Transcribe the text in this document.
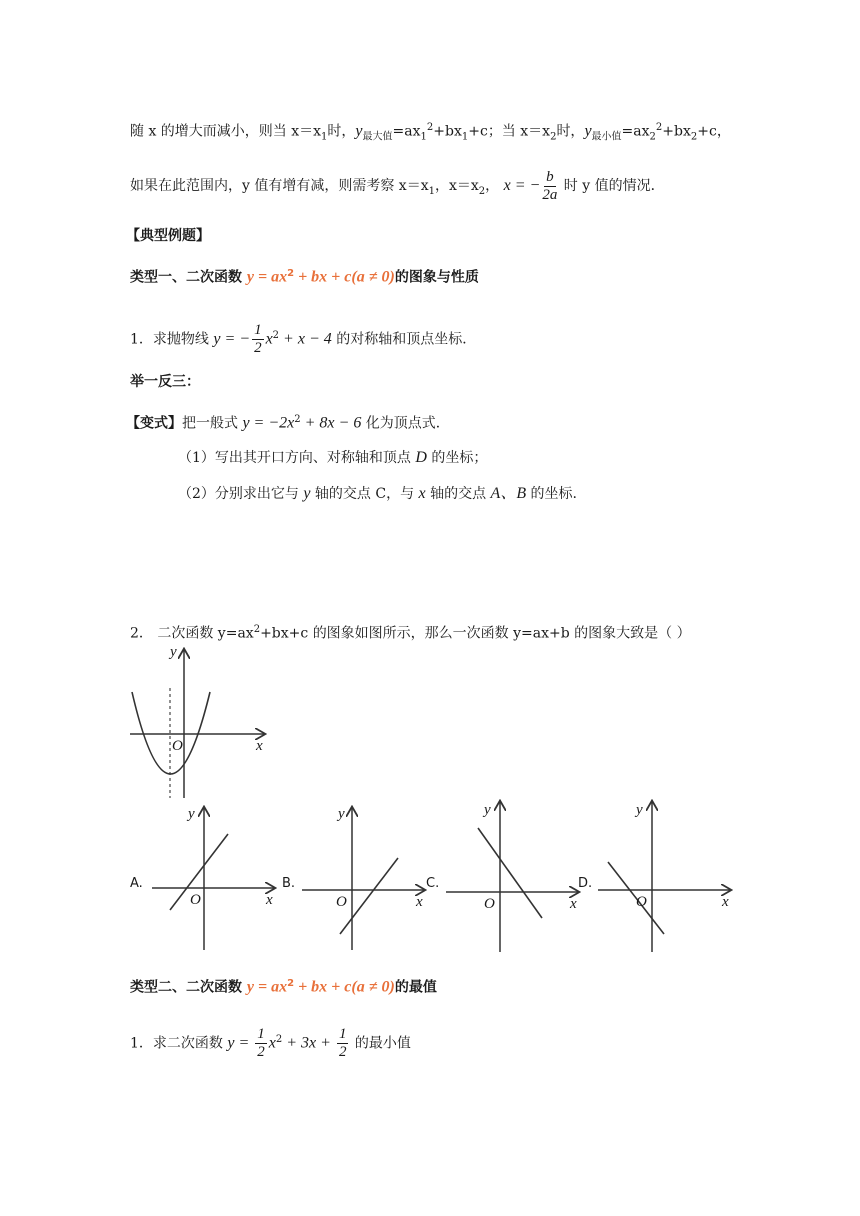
随 x 的增大而减小，则当 $x=x_1$时，$y_{最大值}=ax_1^2+bx_1+c$；当 $x=x_2$时，$y_{最小值}=ax_2^2+bx_2+c$，
如果在此范围内，y 值有增有减，则需考察 $x=x_1$，$x=x_2$， x = − $\frac{b}{2a}$ 时 y 值的情况．
【典型例题】
类型一、二次函数 $y = ax^2$ + bx + c(a ≠ 0)的图象与性质
1．求抛物线 y = − $\frac{1}{2} x^2 + x - 4$ 的对称轴和顶点坐标．
举一反三：
【变式】把一般式 $y = -2x^2 + 8x - 6$ 化为顶点式．
（1）写出其开口方向、对称轴和顶点 D 的坐标；
（2）分别求出它与 y 轴的交点 C，与 x 轴的交点 A、B 的坐标.
2． 二次函数 $y=ax^2+bx+c$ 的图象如图所示，那么一次函数 y=ax+b 的图象大致是（ ）
y
x
O
A.
y
x
O
B.
y
x
O
C.
y
x
O
D.
y
x
O
类型二、二次函数 $y = ax^2$ + bx + c(a ≠ 0)的最值
1．求二次函数 $y = \frac{1}{2} x^2 + 3x + \frac{1}{2}$ 的最小值
